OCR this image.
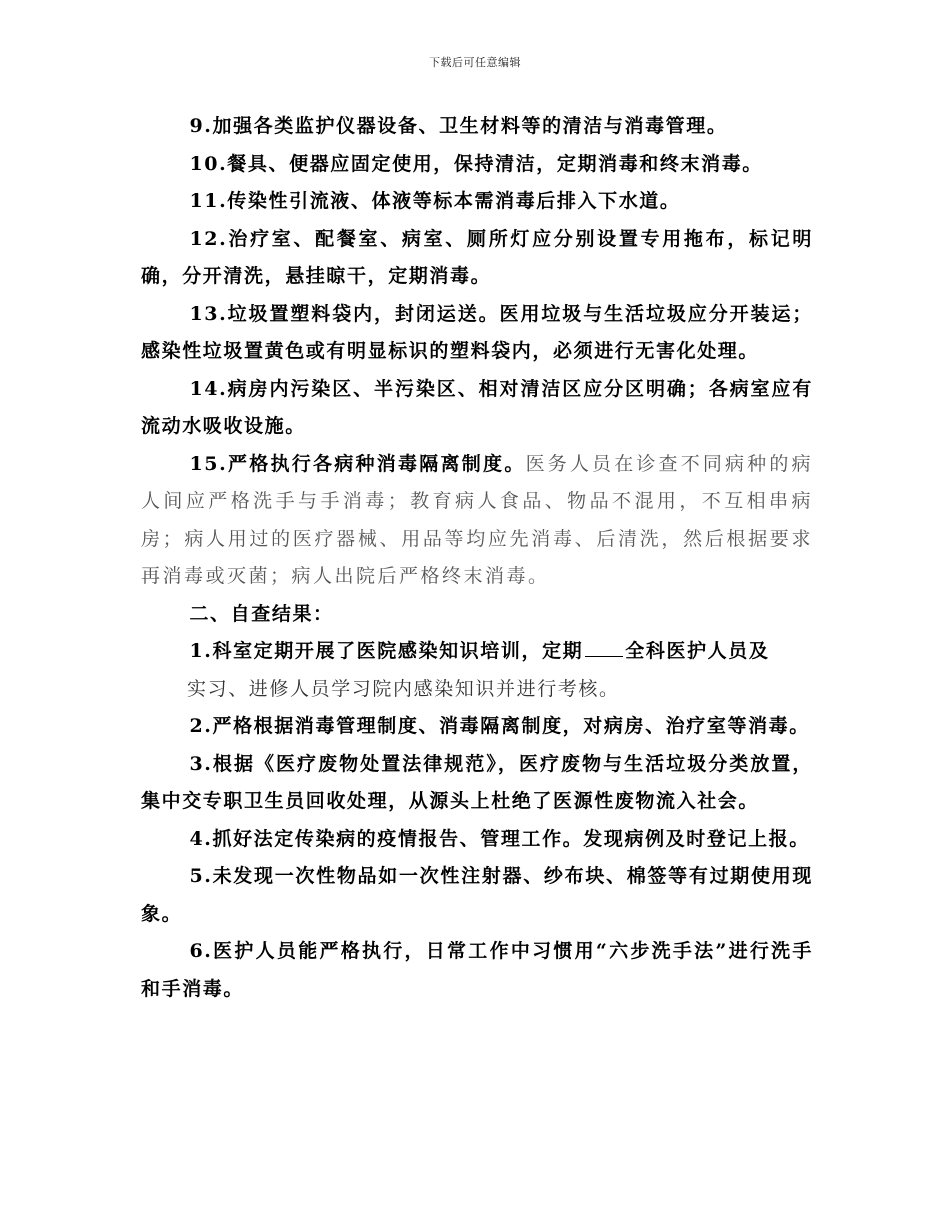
下载后可任意编辑

9.加强各类监护仪器设备、卫生材料等的清洁与消毒管理。

10.餐具、便器应固定使用，保持清洁，定期消毒和终末消毒。

11.传染性引流液、体液等标本需消毒后排入下水道。

12.治疗室、配餐室、病室、厕所灯应分别设置专用拖布，标记明确，分开清洗，悬挂晾干，定期消毒。

13.垃圾置塑料袋内，封闭运送。医用垃圾与生活垃圾应分开装运；感染性垃圾置黄色或有明显标识的塑料袋内，必须进行无害化处理。

14.病房内污染区、半污染区、相对清洁区应分区明确；各病室应有流动水吸收设施。

15.严格执行各病种消毒隔离制度。医务人员在诊查不同病种的病人间应严格洗手与手消毒；教育病人食品、物品不混用，不互相串病房；病人用过的医疗器械、用品等均应先消毒、后清洗，然后根据要求再消毒或灭菌；病人出院后严格终末消毒。

二、自查结果：

1.科室定期开展了医院感染知识培训，定期 全科医护人员及
实习、进修人员学习院内感染知识并进行考核。

2.严格根据消毒管理制度、消毒隔离制度，对病房、治疗室等消毒。

3.根据《医疗废物处置法律规范》，医疗废物与生活垃圾分类放置，集中交专职卫生员回收处理，从源头上杜绝了医源性废物流入社会。

4.抓好法定传染病的疫情报告、管理工作。发现病例及时登记上报。

5.未发现一次性物品如一次性注射器、纱布块、棉签等有过期使用现象。

6.医护人员能严格执行，日常工作中习惯用“六步洗手法”进行洗手和手消毒。
